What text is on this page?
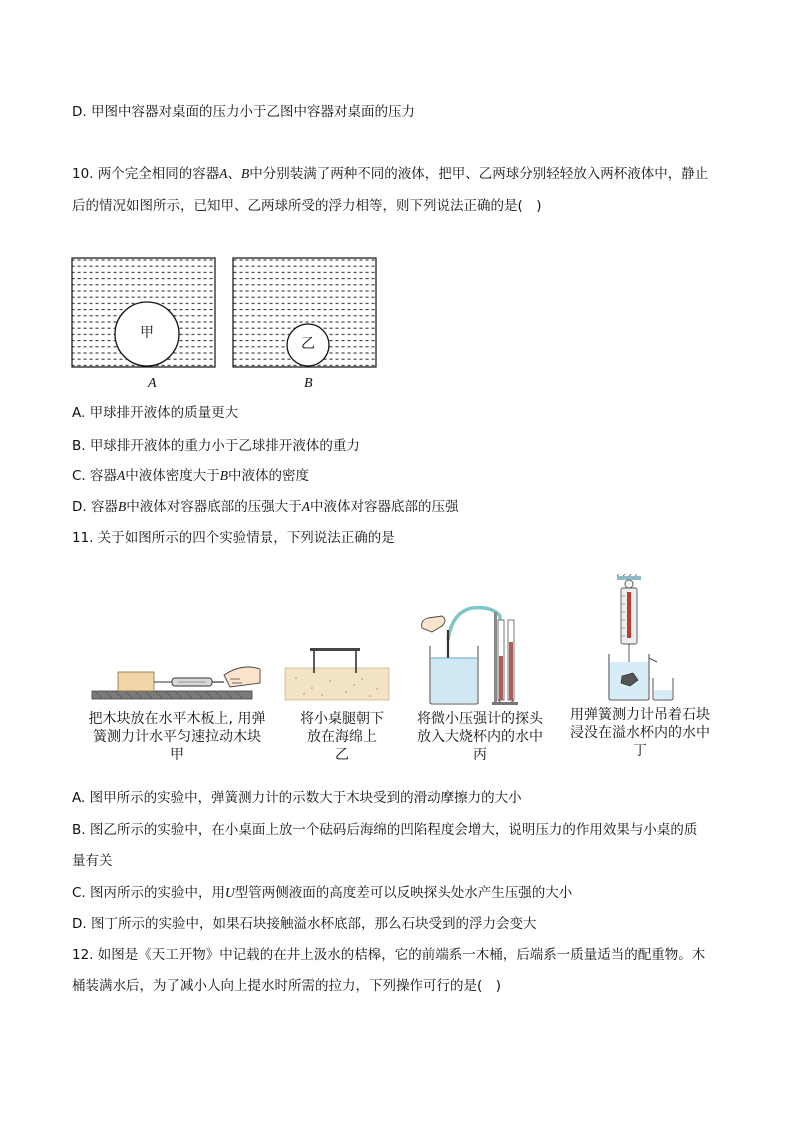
D. 甲图中容器对桌面的压力小于乙图中容器对桌面的压力
10. 两个完全相同的容器A、B中分别装满了两种不同的液体，把甲、乙两球分别轻轻放入两杯液体中，静止
后的情况如图所示，已知甲、乙两球所受的浮力相等，则下列说法正确的是(　)
甲
乙
A	B
A. 甲球排开液体的质量更大
B. 甲球排开液体的重力小于乙球排开液体的重力
C. 容器A中液体密度大于B中液体的密度
D. 容器B中液体对容器底部的压强大于A中液体对容器底部的压强
11. 关于如图所示的四个实验情景，下列说法正确的是
把木块放在水平木板上, 用弹
簧测力计水平匀速拉动木块
甲
将小桌腿朝下
放在海绵上
乙
将微小压强计的探头
放入大烧杯内的水中
丙
用弹簧测力计吊着石块
浸没在溢水杯内的水中
丁
A. 图甲所示的实验中，弹簧测力计的示数大于木块受到的滑动摩擦力的大小
B. 图乙所示的实验中，在小桌面上放一个砝码后海绵的凹陷程度会增大，说明压力的作用效果与小桌的质
量有关
C. 图丙所示的实验中，用U型管两侧液面的高度差可以反映探头处水产生压强的大小
D. 图丁所示的实验中，如果石块接触溢水杯底部，那么石块受到的浮力会变大
12. 如图是《天工开物》中记载的在井上汲水的桔槔，它的前端系一木桶，后端系一质量适当的配重物。木
桶装满水后，为了减小人向上提水时所需的拉力，下列操作可行的是(　)
